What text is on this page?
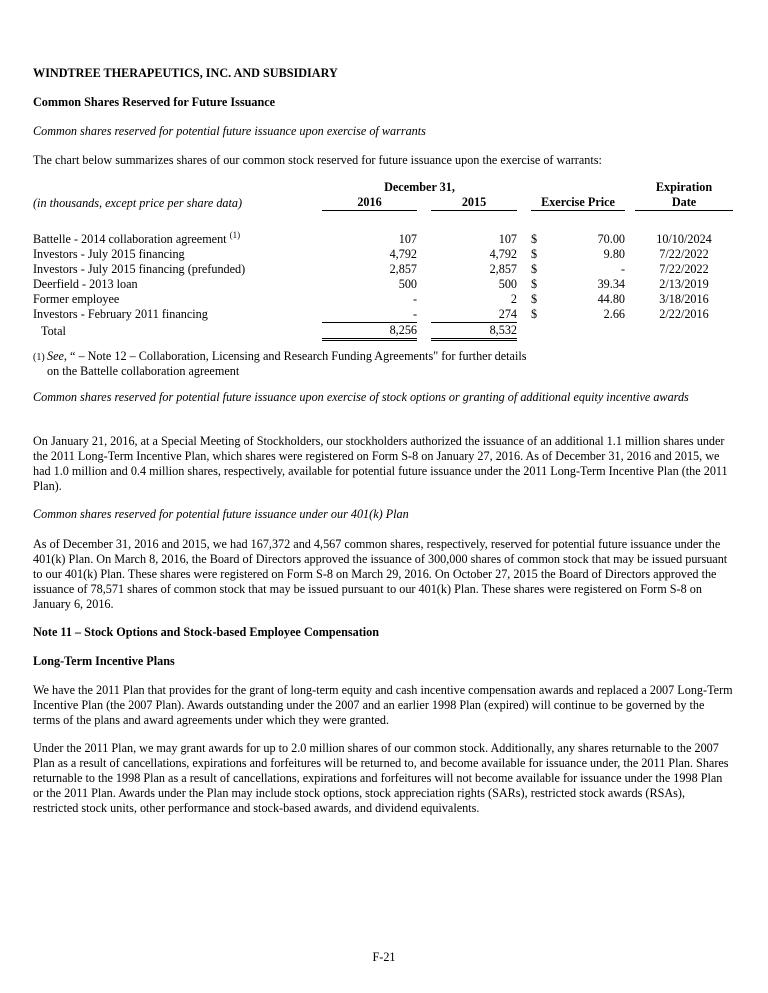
WINDTREE THERAPEUTICS, INC. AND SUBSIDIARY
Common Shares Reserved for Future Issuance
Common shares reserved for potential future issuance upon exercise of warrants
The chart below summarizes shares of our common stock reserved for future issuance upon the exercise of warrants:
	December 31,							Expiration
(in thousands, except price per share data)	2016		2015		Exercise Price			Date

Battelle - 2014 collaboration agreement $^{(1)}$	107		107		$	70.00		10/10/2024
Investors - July 2015 financing	4,792		4,792		$	9.80		7/22/2022
Investors - July 2015 financing (prefunded)	2,857		2,857		$	-		7/22/2022
Deerfield - 2013 loan	500		500		$	39.34		2/13/2019
Former employee	-		2		$	44.80		3/18/2016
Investors - February 2011 financing	-		274		$	2.66		2/22/2016
Total	8,256		8,532					
(1) See, “ – Note 12 – Collaboration, Licensing and Research Funding Agreements" for further details on the Battelle collaboration agreement
Common shares reserved for potential future issuance upon exercise of stock options or granting of additional equity incentive awards
On January 21, 2016, at a Special Meeting of Stockholders, our stockholders authorized the issuance of an additional 1.1 million shares under the 2011 Long-Term Incentive Plan, which shares were registered on Form S-8 on January 27, 2016. As of December 31, 2016 and 2015, we had 1.0 million and 0.4 million shares, respectively, available for potential future issuance under the 2011 Long-Term Incentive Plan (the 2011 Plan).
Common shares reserved for potential future issuance under our 401(k) Plan
As of December 31, 2016 and 2015, we had 167,372 and 4,567 common shares, respectively, reserved for potential future issuance under the 401(k) Plan. On March 8, 2016, the Board of Directors approved the issuance of 300,000 shares of common stock that may be issued pursuant to our 401(k) Plan. These shares were registered on Form S-8 on March 29, 2016. On October 27, 2015 the Board of Directors approved the issuance of 78,571 shares of common stock that may be issued pursuant to our 401(k) Plan. These shares were registered on Form S-8 on January 6, 2016.
Note 11 – Stock Options and Stock-based Employee Compensation
Long-Term Incentive Plans
We have the 2011 Plan that provides for the grant of long-term equity and cash incentive compensation awards and replaced a 2007 Long-Term Incentive Plan (the 2007 Plan). Awards outstanding under the 2007 and an earlier 1998 Plan (expired) will continue to be governed by the terms of the plans and award agreements under which they were granted.
Under the 2011 Plan, we may grant awards for up to 2.0 million shares of our common stock. Additionally, any shares returnable to the 2007 Plan as a result of cancellations, expirations and forfeitures will be returned to, and become available for issuance under, the 2011 Plan. Shares returnable to the 1998 Plan as a result of cancellations, expirations and forfeitures will not become available for issuance under the 1998 Plan or the 2011 Plan. Awards under the Plan may include stock options, stock appreciation rights (SARs), restricted stock awards (RSAs), restricted stock units, other performance and stock-based awards, and dividend equivalents.
F-21
